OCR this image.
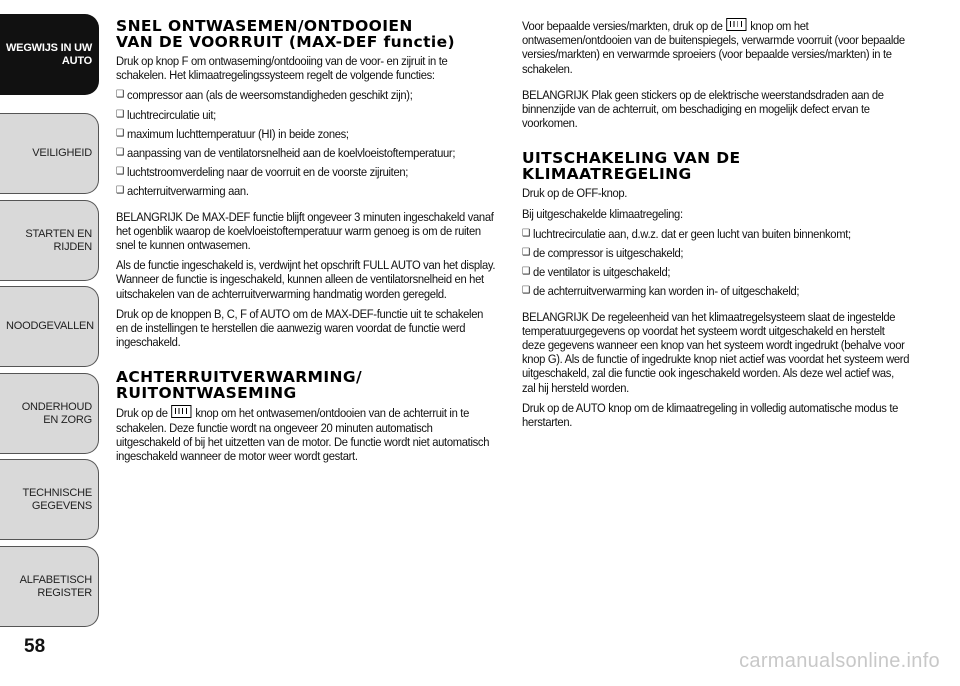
WEGWIJS IN UW AUTO
VEILIGHEID
STARTEN EN RIJDEN
NOODGEVALLEN
ONDERHOUD EN ZORG
TECHNISCHE GEGEVENS
ALFABETISCH REGISTER
58
SNEL ONTWASEMEN/ONTDOOIEN
VAN DE VOORRUIT (MAX-DEF functie)

Druk op knop F om ontwaseming/ontdooiing van de voor- en zijruit in te schakelen. Het klimaatregelingssysteem regelt de volgende functies:

❑ compressor aan (als de weersomstandigheden geschikt zijn);
❑ luchtrecirculatie uit;
❑ maximum luchttemperatuur (HI) in beide zones;
❑ aanpassing van de ventilatorsnelheid aan de koelvloeistoftemperatuur;
❑ luchtstroomverdeling naar de voorruit en de voorste zijruiten;
❑ achterruitverwarming aan.

BELANGRIJK De MAX-DEF functie blijft ongeveer 3 minuten ingeschakeld vanaf het ogenblik waarop de koelvloeistoftemperatuur warm genoeg is om de ruiten snel te kunnen ontwasemen.

Als de functie ingeschakeld is, verdwijnt het opschrift FULL AUTO van het display. Wanneer de functie is ingeschakeld, kunnen alleen de ventilatorsnelheid en het uitschakelen van de achterruitverwarming handmatig worden geregeld.

Druk op de knoppen B, C, F of AUTO om de MAX-DEF-functie uit te schakelen en de instellingen te herstellen die aanwezig waren voordat de functie werd ingeschakeld.

ACHTERRUITVERWARMING/
RUITONTWASEMING

Druk op de knop om het ontwasemen/ontdooien van de achterruit in te schakelen. Deze functie wordt na ongeveer 20 minuten automatisch uitgeschakeld of bij het uitzetten van de motor. De functie wordt niet automatisch ingeschakeld wanneer de motor weer wordt gestart.

Voor bepaalde versies/markten, druk op de knop om het ontwasemen/ontdooien van de buitenspiegels, verwarmde voorruit (voor bepaalde versies/markten) en verwarmde sproeiers (voor bepaalde versies/markten) in te schakelen.

BELANGRIJK Plak geen stickers op de elektrische weerstandsdraden aan de binnenzijde van de achterruit, om beschadiging en mogelijk defect ervan te voorkomen.

UITSCHAKELING VAN DE
KLIMAATREGELING

Druk op de OFF-knop.

Bij uitgeschakelde klimaatregeling:

❑ luchtrecirculatie aan, d.w.z. dat er geen lucht van buiten binnenkomt;
❑ de compressor is uitgeschakeld;
❑ de ventilator is uitgeschakeld;
❑ de achterruitverwarming kan worden in- of uitgeschakeld;

BELANGRIJK De regeleenheid van het klimaatregelsysteem slaat de ingestelde temperatuurgegevens op voordat het systeem wordt uitgeschakeld en herstelt deze gegevens wanneer een knop van het systeem wordt ingedrukt (behalve voor knop G). Als de functie of ingedrukte knop niet actief was voordat het systeem werd uitgeschakeld, zal die functie ook ingeschakeld worden. Als deze wel actief was, zal hij hersteld worden.

Druk op de AUTO knop om de klimaatregeling in volledig automatische modus te herstarten.

carmanualsonline.info
